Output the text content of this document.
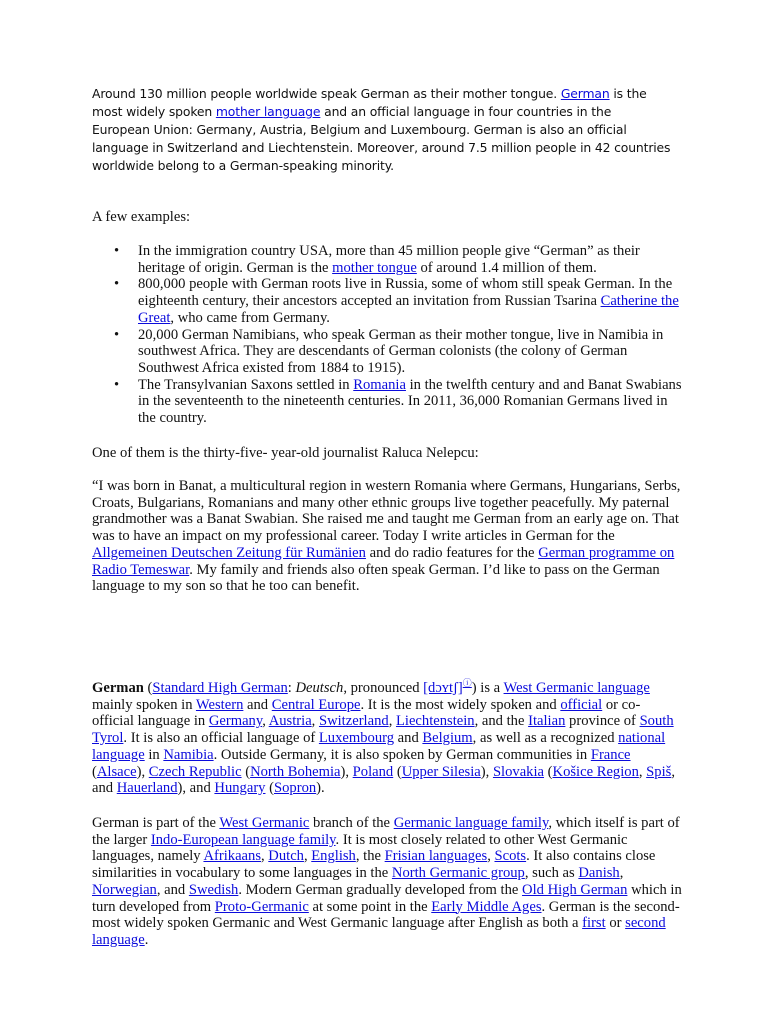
Around 130 million people worldwide speak German as their mother tongue. German is the most widely spoken mother language and an official language in four countries in the European Union: Germany, Austria, Belgium and Luxembourg. German is also an official language in Switzerland and Liechtenstein. Moreover, around 7.5 million people in 42 countries worldwide belong to a German-speaking minority.

A few examples:

• In the immigration country USA, more than 45 million people give “German” as their heritage of origin. German is the mother tongue of around 1.4 million of them.
• 800,000 people with German roots live in Russia, some of whom still speak German. In the eighteenth century, their ancestors accepted an invitation from Russian Tsarina Catherine the Great, who came from Germany.
• 20,000 German Namibians, who speak German as their mother tongue, live in Namibia in southwest Africa. They are descendants of German colonists (the colony of German Southwest Africa existed from 1884 to 1915).
• The Transylvanian Saxons settled in Romania in the twelfth century and and Banat Swabians in the seventeenth to the nineteenth centuries. In 2011, 36,000 Romanian Germans lived in the country.

One of them is the thirty-five- year-old journalist Raluca Nelepcu:

“I was born in Banat, a multicultural region in western Romania where Germans, Hungarians, Serbs, Croats, Bulgarians, Romanians and many other ethnic groups live together peacefully. My paternal grandmother was a Banat Swabian. She raised me and taught me German from an early age on. That was to have an impact on my professional career. Today I write articles in German for the Allgemeinen Deutschen Zeitung für Rumänien and do radio features for the German programme on Radio Temeswar. My family and friends also often speak German. I’d like to pass on the German language to my son so that he too can benefit.

German (Standard High German: Deutsch, pronounced [dɔʏtʃ]ⓘ) is a West Germanic language mainly spoken in Western and Central Europe. It is the most widely spoken and official or co-official language in Germany, Austria, Switzerland, Liechtenstein, and the Italian province of South Tyrol. It is also an official language of Luxembourg and Belgium, as well as a recognized national language in Namibia. Outside Germany, it is also spoken by German communities in France (Alsace), Czech Republic (North Bohemia), Poland (Upper Silesia), Slovakia (Košice Region, Spiš, and Hauerland), and Hungary (Sopron).

German is part of the West Germanic branch of the Germanic language family, which itself is part of the larger Indo-European language family. It is most closely related to other West Germanic languages, namely Afrikaans, Dutch, English, the Frisian languages, Scots. It also contains close similarities in vocabulary to some languages in the North Germanic group, such as Danish, Norwegian, and Swedish. Modern German gradually developed from the Old High German which in turn developed from Proto-Germanic at some point in the Early Middle Ages. German is the second-most widely spoken Germanic and West Germanic language after English as both a first or second language.
